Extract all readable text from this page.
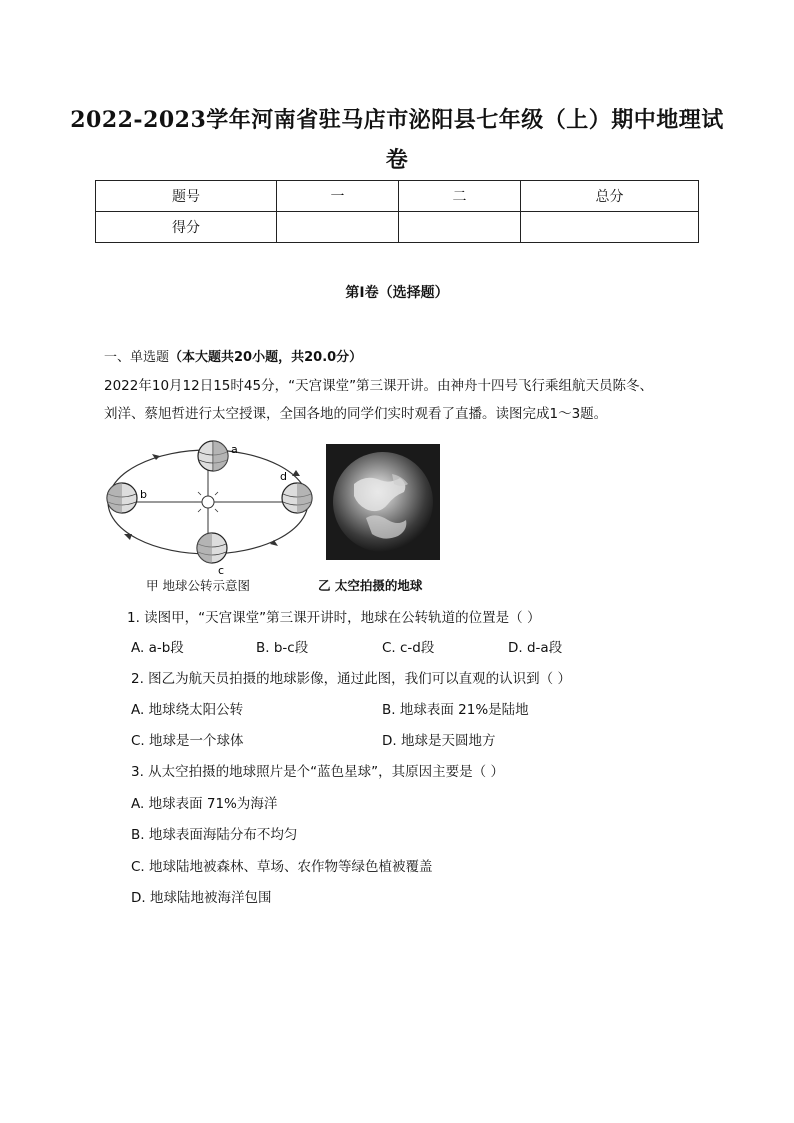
2022-2023学年河南省驻马店市泌阳县七年级（上）期中地理试
卷
题号	一	二	总分
得分			
第I卷（选择题）
一、单选题（本大题共20小题，共20.0分）
2022年10月12日15时45分，“天宫课堂”第三课开讲。由神舟十四号飞行乘组航天员陈冬、
刘洋、蔡旭哲进行太空授课，全国各地的同学们实时观看了直播。读图完成1～3题。
a
b
c
d
甲 地球公转示意图	乙 太空拍摄的地球
1. 读图甲，“天宫课堂”第三课开讲时，地球在公转轨道的位置是（ ）
A. a-b段	B. b-c段	C. c-d段	D. d-a段
2. 图乙为航天员拍摄的地球影像，通过此图，我们可以直观的认识到（ ）
A. 地球绕太阳公转	B. 地球表面 21%是陆地
C. 地球是一个球体	D. 地球是天圆地方
3. 从太空拍摄的地球照片是个“蓝色星球”，其原因主要是（ ）
A. 地球表面 71%为海洋
B. 地球表面海陆分布不均匀
C. 地球陆地被森林、草场、农作物等绿色植被覆盖
D. 地球陆地被海洋包围
